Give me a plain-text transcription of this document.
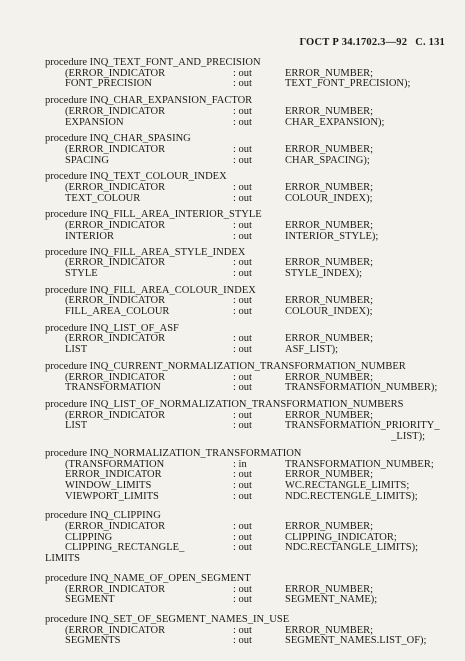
ГОСТ Р 34.1702.3—92 С. 131
procedure INQ_TEXT_FONT_AND_PRECISION
(ERROR_INDICATOR	: out	ERROR_NUMBER;
FONT_PRECISION	: out	TEXT_FONT_PRECISION);
procedure INQ_CHAR_EXPANSION_FACTOR
(ERROR_INDICATOR	: out	ERROR_NUMBER;
EXPANSION	: out	CHAR_EXPANSION);
procedure INQ_CHAR_SPASING
(ERROR_INDICATOR	: out	ERROR_NUMBER;
SPACING	: out	CHAR_SPACING);
procedure INQ_TEXT_COLOUR_INDEX
(ERROR_INDICATOR	: out	ERROR_NUMBER;
TEXT_COLOUR	: out	COLOUR_INDEX);
procedure INQ_FILL_AREA_INTERIOR_STYLE
(ERROR_INDICATOR	: out	ERROR_NUMBER;
INTERIOR	: out	INTERIOR_STYLE);
procedure INQ_FILL_AREA_STYLE_INDEX
(ERROR_INDICATOR	: out	ERROR_NUMBER;
STYLE	: out	STYLE_INDEX);
procedure INQ_FILL_AREA_COLOUR_INDEX
(ERROR_INDICATOR	: out	ERROR_NUMBER;
FILL_AREA_COLOUR	: out	COLOUR_INDEX);
procedure INQ_LIST_OF_ASF
(ERROR_INDICATOR	: out	ERROR_NUMBER;
LIST	: out	ASF_LIST);
procedure INQ_CURRENT_NORMALIZATION_TRANSFORMATION_NUMBER
(ERROR_INDICATOR	: out	ERROR_NUMBER;
TRANSFORMATION	: out	TRANSFORMATION_NUMBER);
procedure INQ_LIST_OF_NORMALIZATION_TRANSFORMATION_NUMBERS
(ERROR_INDICATOR	: out	ERROR_NUMBER;
LIST	: out	TRANSFORMATION_PRIORITY_
_LIST);
procedure INQ_NORMALIZATION_TRANSFORMATION
(TRANSFORMATION	: in	TRANSFORMATION_NUMBER;
ERROR_INDICATOR	: out	ERROR_NUMBER;
WINDOW_LIMITS	: out	WC.RECTANGLE_LIMITS;
VIEWPORT_LIMITS	: out	NDC.RECTENGLE_LIMITS);
procedure INQ_CLIPPING
(ERROR_INDICATOR	: out	ERROR_NUMBER;
CLIPPING	: out	CLIPPING_INDICATOR;
CLIPPING_RECTANGLE_	: out	NDC.RECTANGLE_LIMITS);
LIMITS
procedure INQ_NAME_OF_OPEN_SEGMENT
(ERROR_INDICATOR	: out	ERROR_NUMBER;
SEGMENT	: out	SEGMENT_NAME);
procedure INQ_SET_OF_SEGMENT_NAMES_IN_USE
(ERROR_INDICATOR	: out	ERROR_NUMBER;
SEGMENTS	: out	SEGMENT_NAMES.LIST_OF);
